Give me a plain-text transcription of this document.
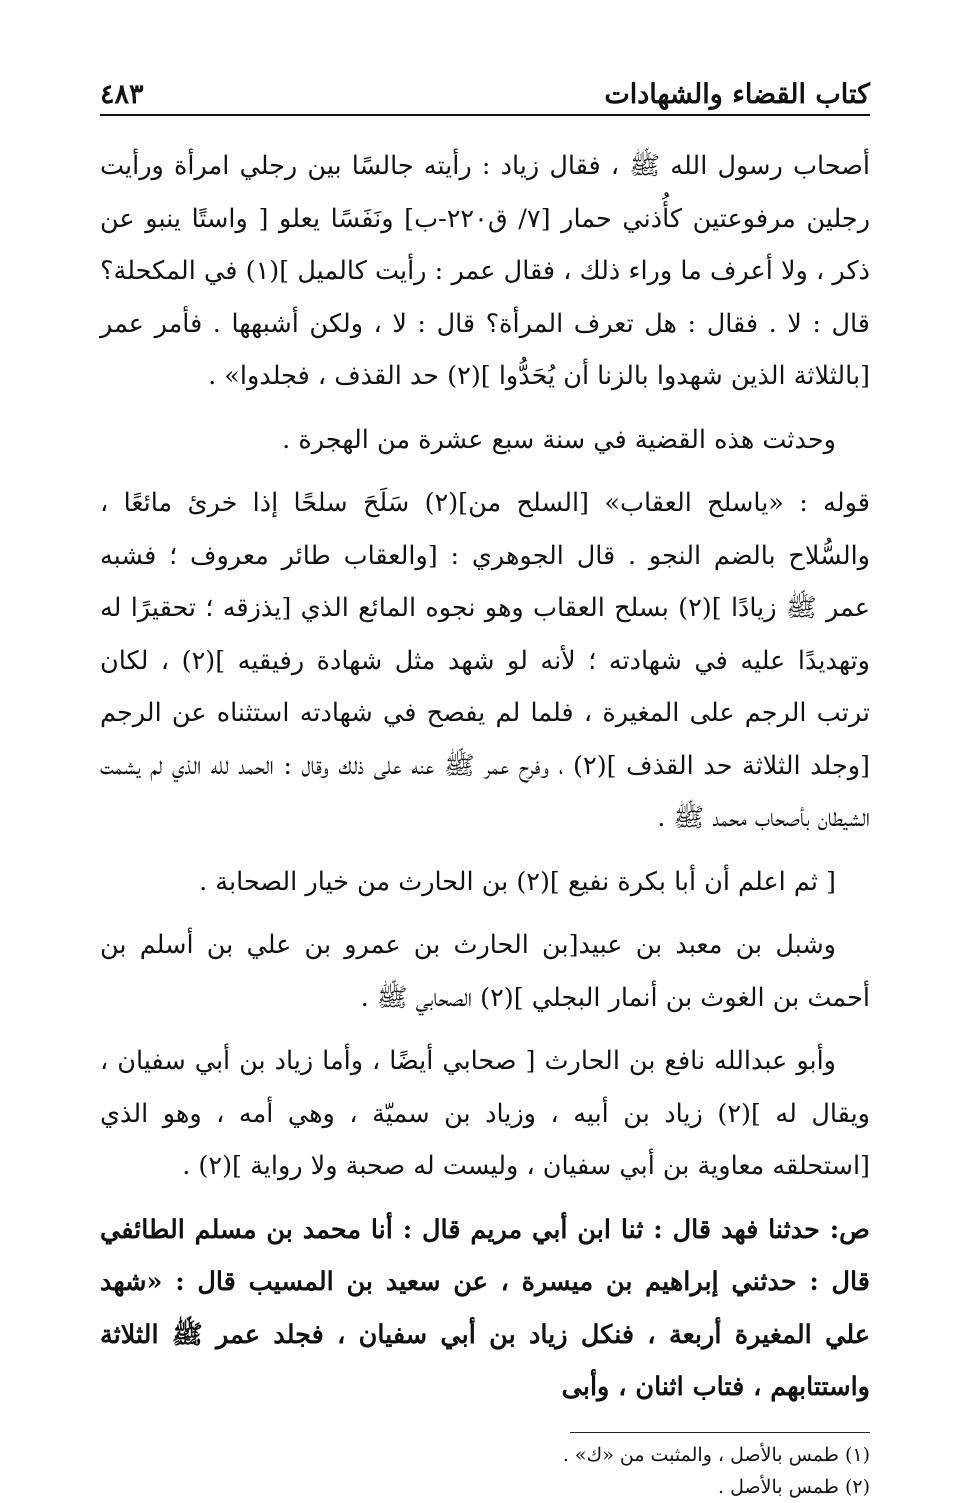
كتاب القضاء والشهادات
٤٨٣

أصحاب رسول الله ﷺ ، فقال زياد : رأيته جالسًا بين رجلي امرأة ورأيت رجلين مرفوعتين كأُذني حمار [٧/ ق٢٢٠-ب] ونَفَسًا يعلو [ واستًا ينبو عن ذكر ، ولا أعرف ما وراء ذلك ، فقال عمر : رأيت كالميل ](١) في المكحلة؟ قال : لا . فقال : هل تعرف المرأة؟ قال : لا ، ولكن أشبهها . فأمر عمر [بالثلاثة الذين شهدوا بالزنا أن يُحَدُّوا ](٢) حد القذف ، فجلدوا» .

وحدثت هذه القضية في سنة سبع عشرة من الهجرة .

قوله : «ياسلح العقاب» [السلح من](٢) سَلَحَ سلحًا إذا خرئ مائعًا ، والسُّلاح بالضم النجو . قال الجوهري : [والعقاب طائر معروف ؛ فشبه عمر ﷺ زيادًا ](٢) بسلح العقاب وهو نجوه المائع الذي [يذزقه ؛ تحقيرًا له وتهديدًا عليه في شهادته ؛ لأنه لو شهد مثل شهادة رفيقيه ](٢) ، لكان ترتب الرجم على المغيرة ، فلما لم يفصح في شهادته استثناه عن الرجم [وجلد الثلاثة حد القذف ](٢) ، وفرح عمر ﷺ عنه على ذلك وقال : الحمد لله الذي لم يشمت الشيطان بأصحاب محمد ﷺ .

[ ثم اعلم أن أبا بكرة نفيع ](٢) بن الحارث من خيار الصحابة .

وشبل بن معبد بن عبيد[بن الحارث بن عمرو بن علي بن أسلم بن أحمث بن الغوث بن أنمار البجلي ](٢) الصحابي ﷺ .

وأبو عبدالله نافع بن الحارث [ صحابي أيضًا ، وأما زياد بن أبي سفيان ، ويقال له ](٢) زياد بن أبيه ، وزياد بن سميّة ، وهي أمه ، وهو الذي [استحلقه معاوية بن أبي سفيان ، وليست له صحبة ولا رواية ](٢) .

ص: حدثنا فهد قال : ثنا ابن أبي مريم قال : أنا محمد بن مسلم الطائفي قال : حدثني إبراهيم بن ميسرة ، عن سعيد بن المسيب قال : «شهد علي المغيرة أربعة ، فنكل زياد بن أبي سفيان ، فجلد عمر ﷺ الثلاثة واستتابهم ، فتاب اثنان ، وأبى

(١) طمس بالأصل ، والمثبت من «ك» .

(٢) طمس بالأصل .
